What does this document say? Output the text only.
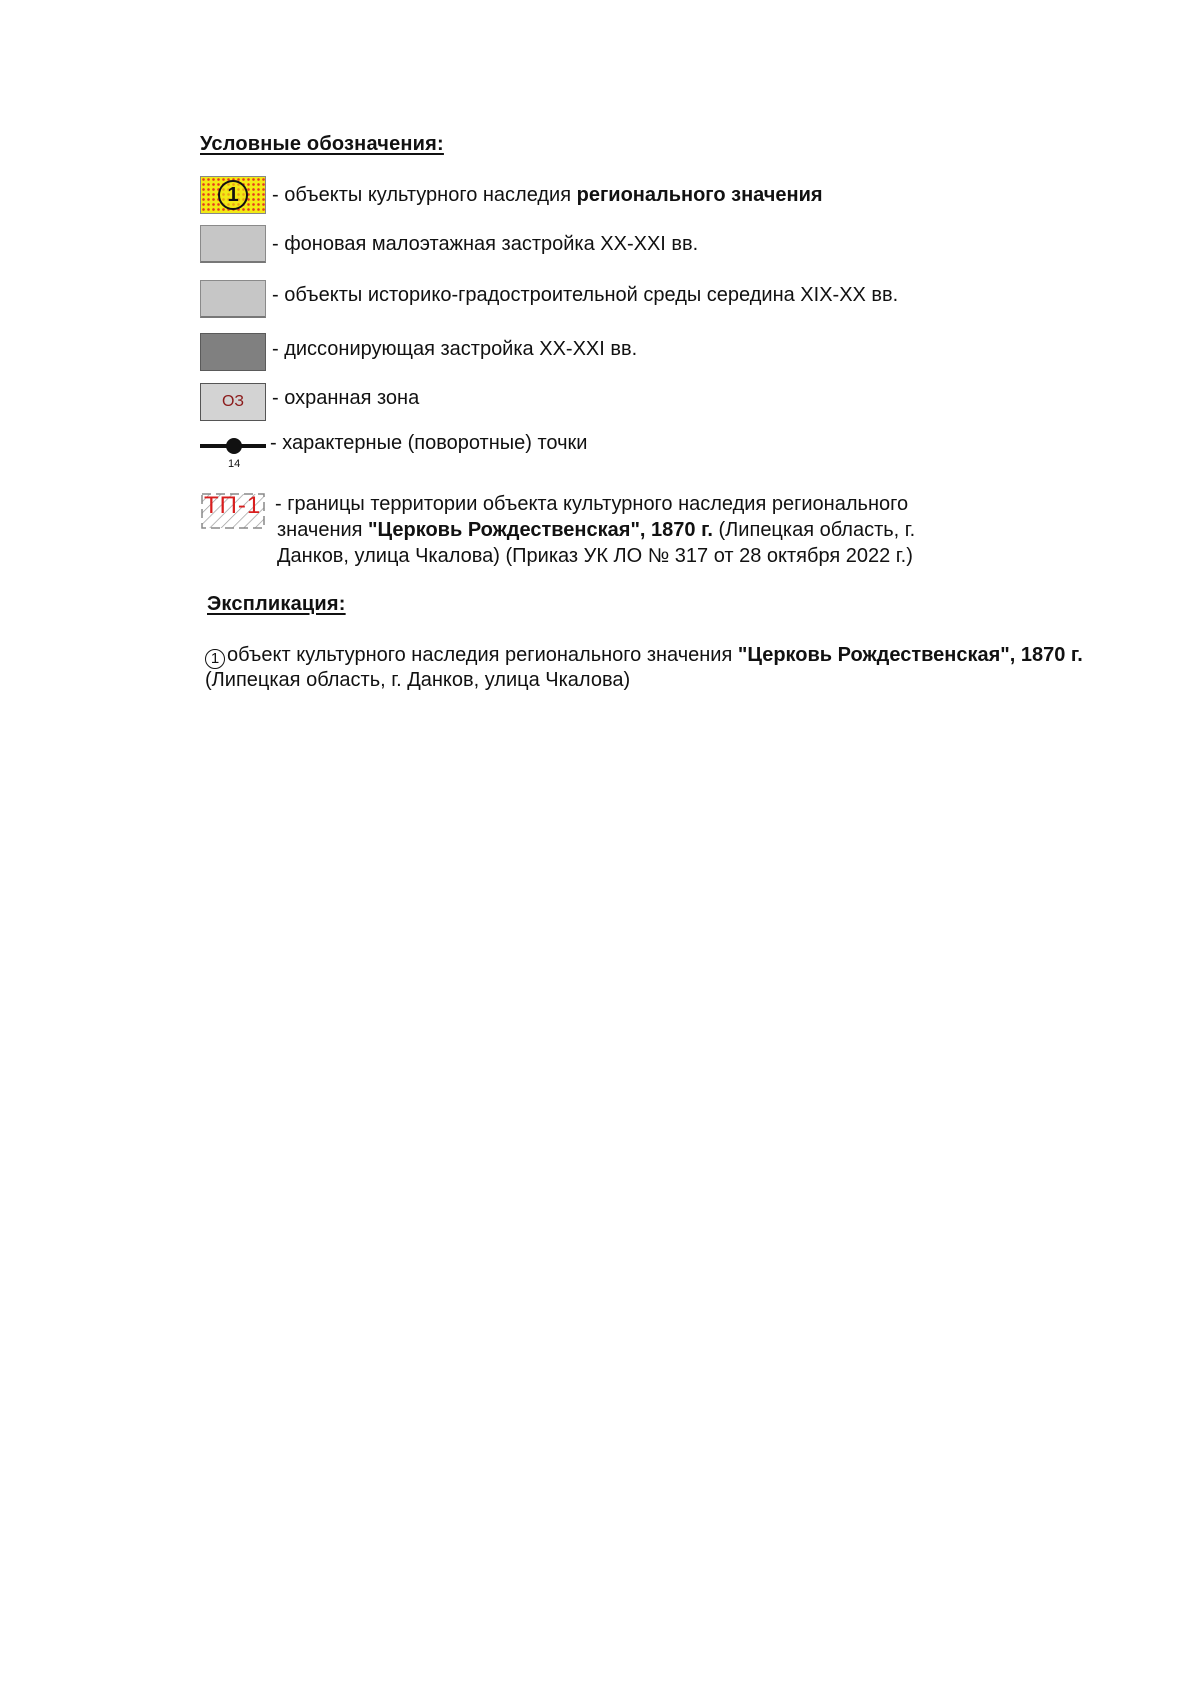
Условные обозначения:
1	- объекты культурного наследия регионального значения
- фоновая малоэтажная застройка XX-XXI вв.
- объекты историко-градостроительной среды середина XIX-XX вв.
- диссонирующая застройка XX-XXI вв.
ОЗ - охранная зона
14
- характерные (поворотные) точки
ТП-1 - границы территории объекта культурного наследия регионального
значения "Церковь Рождественская", 1870 г. (Липецкая область, г.
Данков, улица Чкалова) (Приказ УК ЛО № 317 от 28 октября 2022 г.)
Экспликация:
1 объект культурного наследия регионального значения "Церковь Рождественская", 1870 г. (Липецкая область, г. Данков, улица Чкалова)
